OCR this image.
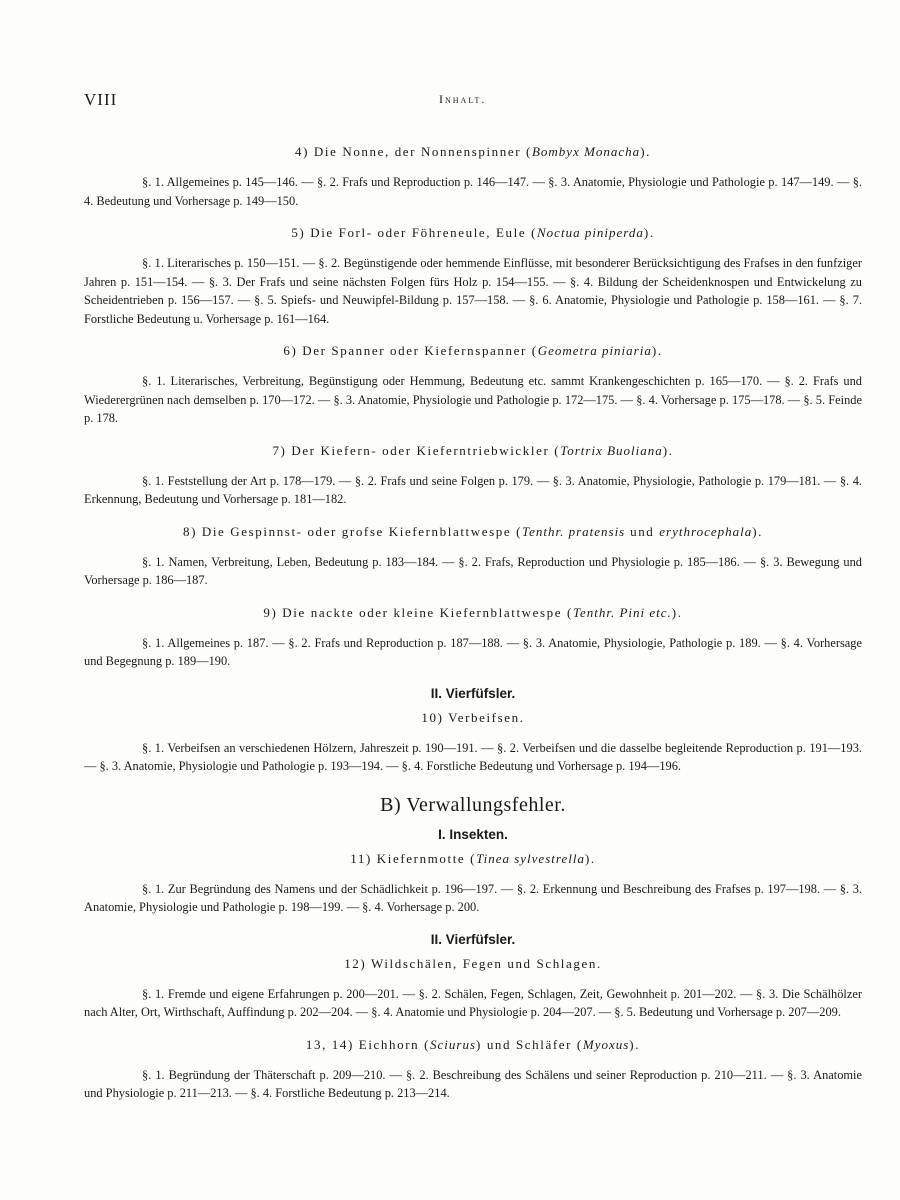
VIII	Inhalt.
4) Die Nonne, der Nonnenspinner (Bombyx Monacha).

§. 1. Allgemeines p. 145—146. — §. 2. Frafs und Reproduction p. 146—147. — §. 3. Anatomie, Physiologie und Pathologie p. 147—149. — §. 4. Bedeutung und Vorhersage p. 149—150.

5) Die Forl- oder Föhreneule, Eule (Noctua piniperda).

§. 1. Literarisches p. 150—151. — §. 2. Begünstigende oder hemmende Einflüsse, mit besonderer Berücksichtigung des Frafses in den funfziger Jahren p. 151—154. — §. 3. Der Frafs und seine nächsten Folgen fürs Holz p. 154—155. — §. 4. Bildung der Scheidenknospen und Entwickelung zu Scheidentrieben p. 156—157. — §. 5. Spiefs- und Neuwipfel-Bildung p. 157—158. — §. 6. Anatomie, Physiologie und Pathologie p. 158—161. — §. 7. Forstliche Bedeutung u. Vorhersage p. 161—164.

6) Der Spanner oder Kiefernspanner (Geometra piniaria).

§. 1. Literarisches, Verbreitung, Begünstigung oder Hemmung, Bedeutung etc. sammt Krankengeschichten p. 165—170. — §. 2. Frafs und Wiederergrünen nach demselben p. 170—172. — §. 3. Anatomie, Physiologie und Pathologie p. 172—175. — §. 4. Vorhersage p. 175—178. — §. 5. Feinde p. 178.

7) Der Kiefern- oder Kieferntriebwickler (Tortrix Buoliana).

§. 1. Feststellung der Art p. 178—179. — §. 2. Frafs und seine Folgen p. 179. — §. 3. Anatomie, Physiologie, Pathologie p. 179—181. — §. 4. Erkennung, Bedeutung und Vorhersage p. 181—182.

8) Die Gespinnst- oder grofse Kiefernblattwespe (Tenthr. pratensis und erythrocephala).

§. 1. Namen, Verbreitung, Leben, Bedeutung p. 183—184. — §. 2. Frafs, Reproduction und Physiologie p. 185—186. — §. 3. Bewegung und Vorhersage p. 186—187.

9) Die nackte oder kleine Kiefernblattwespe (Tenthr. Pini etc.).

§. 1. Allgemeines p. 187. — §. 2. Frafs und Reproduction p. 187—188. — §. 3. Anatomie, Physiologie, Pathologie p. 189. — §. 4. Vorhersage und Begegnung p. 189—190.

II. Vierfüfsler.
10) Verbeifsen.

§. 1. Verbeifsen an verschiedenen Hölzern, Jahreszeit p. 190—191. — §. 2. Verbeifsen und die dasselbe begleitende Reproduction p. 191—193. — §. 3. Anatomie, Physiologie und Pathologie p. 193—194. — §. 4. Forstliche Bedeutung und Vorhersage p. 194—196.

B) Verwallungsfehler.
I. Insekten.
11) Kiefernmotte (Tinea sylvestrella).

§. 1. Zur Begründung des Namens und der Schädlichkeit p. 196—197. — §. 2. Erkennung und Beschreibung des Frafses p. 197—198. — §. 3. Anatomie, Physiologie und Pathologie p. 198—199. — §. 4. Vorhersage p. 200.

II. Vierfüfsler.
12) Wildschälen, Fegen und Schlagen.

§. 1. Fremde und eigene Erfahrungen p. 200—201. — §. 2. Schälen, Fegen, Schlagen, Zeit, Gewohnheit p. 201—202. — §. 3. Die Schälhölzer nach Alter, Ort, Wirthschaft, Auffindung p. 202—204. — §. 4. Anatomie und Physiologie p. 204—207. — §. 5. Bedeutung und Vorhersage p. 207—209.

13, 14) Eichhorn (Sciurus) und Schläfer (Myoxus).

§. 1. Begründung der Thäterschaft p. 209—210. — §. 2. Beschreibung des Schälens und seiner Reproduction p. 210—211. — §. 3. Anatomie und Physiologie p. 211—213. — §. 4. Forstliche Bedeutung p. 213—214.
